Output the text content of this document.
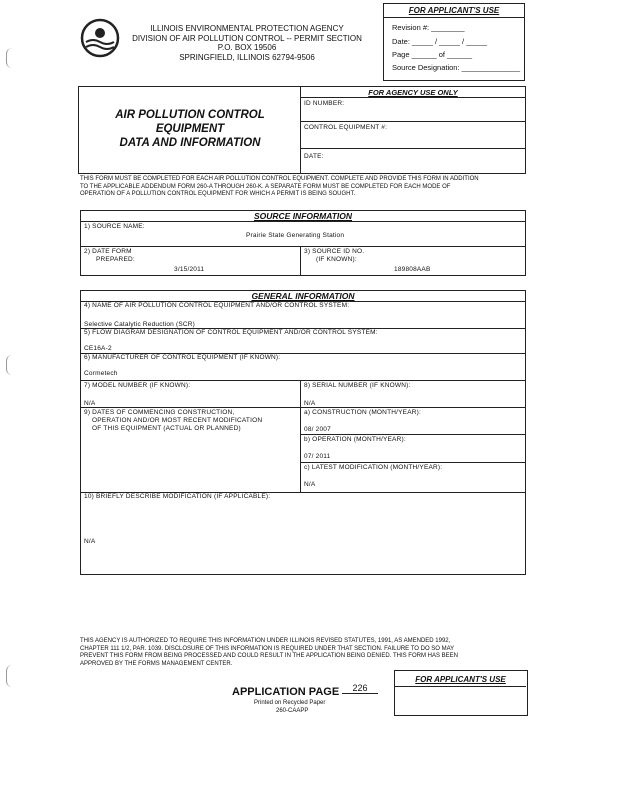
ILLINOIS ENVIRONMENTAL PROTECTION AGENCY
DIVISION OF AIR POLLUTION CONTROL -- PERMIT SECTION
P.O. BOX 19506
SPRINGFIELD, ILLINOIS 62794-9506
FOR APPLICANT'S USE
Revision #: ________
Date: _____ / _____ / _____
Page ______ of ______
Source Designation: ______________
AIR POLLUTION CONTROL
EQUIPMENT
DATA AND INFORMATION
FOR AGENCY USE ONLY
ID NUMBER:
CONTROL EQUIPMENT #:
DATE:
THIS FORM MUST BE COMPLETED FOR EACH AIR POLLUTION CONTROL EQUIPMENT. COMPLETE AND PROVIDE THIS FORM IN ADDITION
TO THE APPLICABLE ADDENDUM FORM 260-A THROUGH 260-K. A SEPARATE FORM MUST BE COMPLETED FOR EACH MODE OF
OPERATION OF A POLLUTION CONTROL EQUIPMENT FOR WHICH A PERMIT IS BEING SOUGHT.
SOURCE INFORMATION
1) SOURCE NAME:
Prairie State Generating Station
2) DATE FORM
PREPARED:
3/15/2011
3) SOURCE ID NO.
(IF KNOWN):
189808AAB
GENERAL INFORMATION
4) NAME OF AIR POLLUTION CONTROL EQUIPMENT AND/OR CONTROL SYSTEM:
Selective Catalytic Reduction (SCR)
5) FLOW DIAGRAM DESIGNATION OF CONTROL EQUIPMENT AND/OR CONTROL SYSTEM:
CE16A-2
6) MANUFACTURER OF CONTROL EQUIPMENT (IF KNOWN):
Cormetech
7) MODEL NUMBER (IF KNOWN):
N/A
8) SERIAL NUMBER (IF KNOWN):
N/A
9) DATES OF COMMENCING CONSTRUCTION,
OPERATION AND/OR MOST RECENT MODIFICATION
OF THIS EQUIPMENT (ACTUAL OR PLANNED)
a) CONSTRUCTION (MONTH/YEAR):
08/ 2007
b) OPERATION (MONTH/YEAR):
07/ 2011
c) LATEST MODIFICATION (MONTH/YEAR):
N/A
10) BRIEFLY DESCRIBE MODIFICATION (IF APPLICABLE):
N/A
THIS AGENCY IS AUTHORIZED TO REQUIRE THIS INFORMATION UNDER ILLINOIS REVISED STATUTES, 1991, AS AMENDED 1992,
CHAPTER 111 1/2, PAR. 1039. DISCLOSURE OF THIS INFORMATION IS REQUIRED UNDER THAT SECTION. FAILURE TO DO SO MAY
PREVENT THIS FORM FROM BEING PROCESSED AND COULD RESULT IN THE APPLICATION BEING DENIED. THIS FORM HAS BEEN
APPROVED BY THE FORMS MANAGEMENT CENTER.
FOR APPLICANT'S USE
APPLICATION PAGE	226
Printed on Recycled Paper
260-CAAPP
